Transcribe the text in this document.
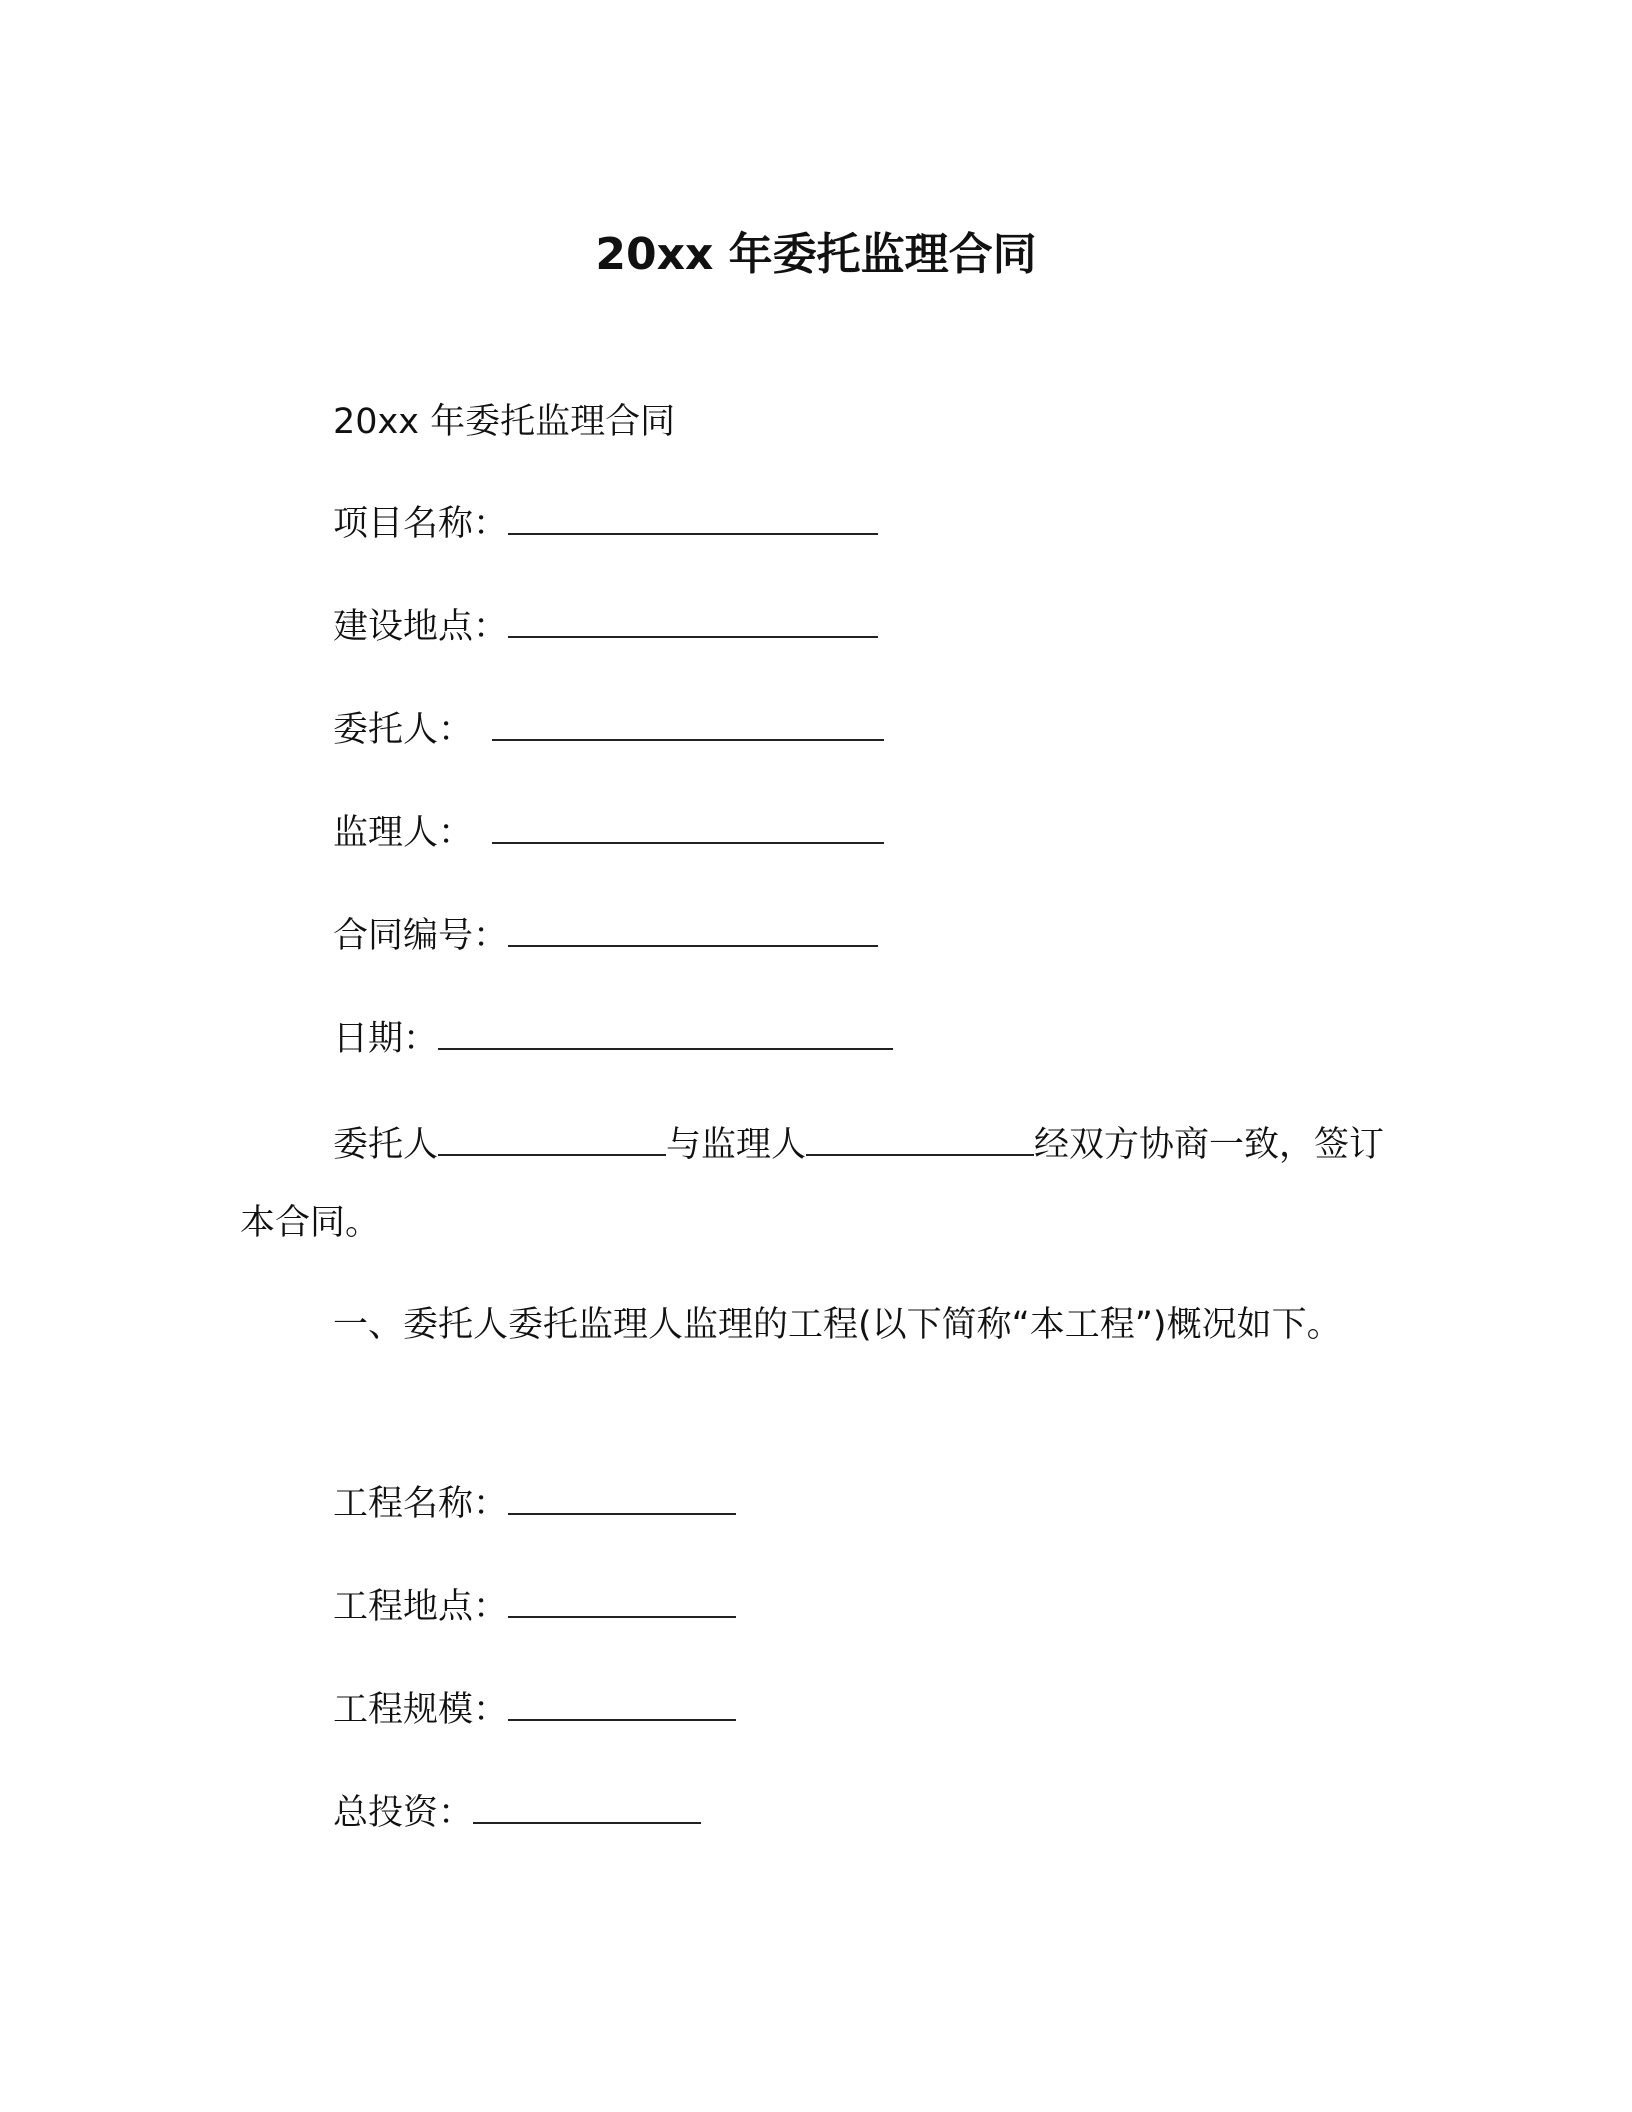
20xx 年委托监理合同
20xx 年委托监理合同
项目名称：
建设地点：
委托人：
监理人：
合同编号：
日期：
委托人	与监理人	经双方协商一致，签订本合同。
一、委托人委托监理人监理的工程(以下简称“本工程”)概况如下。
工程名称：
工程地点：
工程规模：
总投资：
